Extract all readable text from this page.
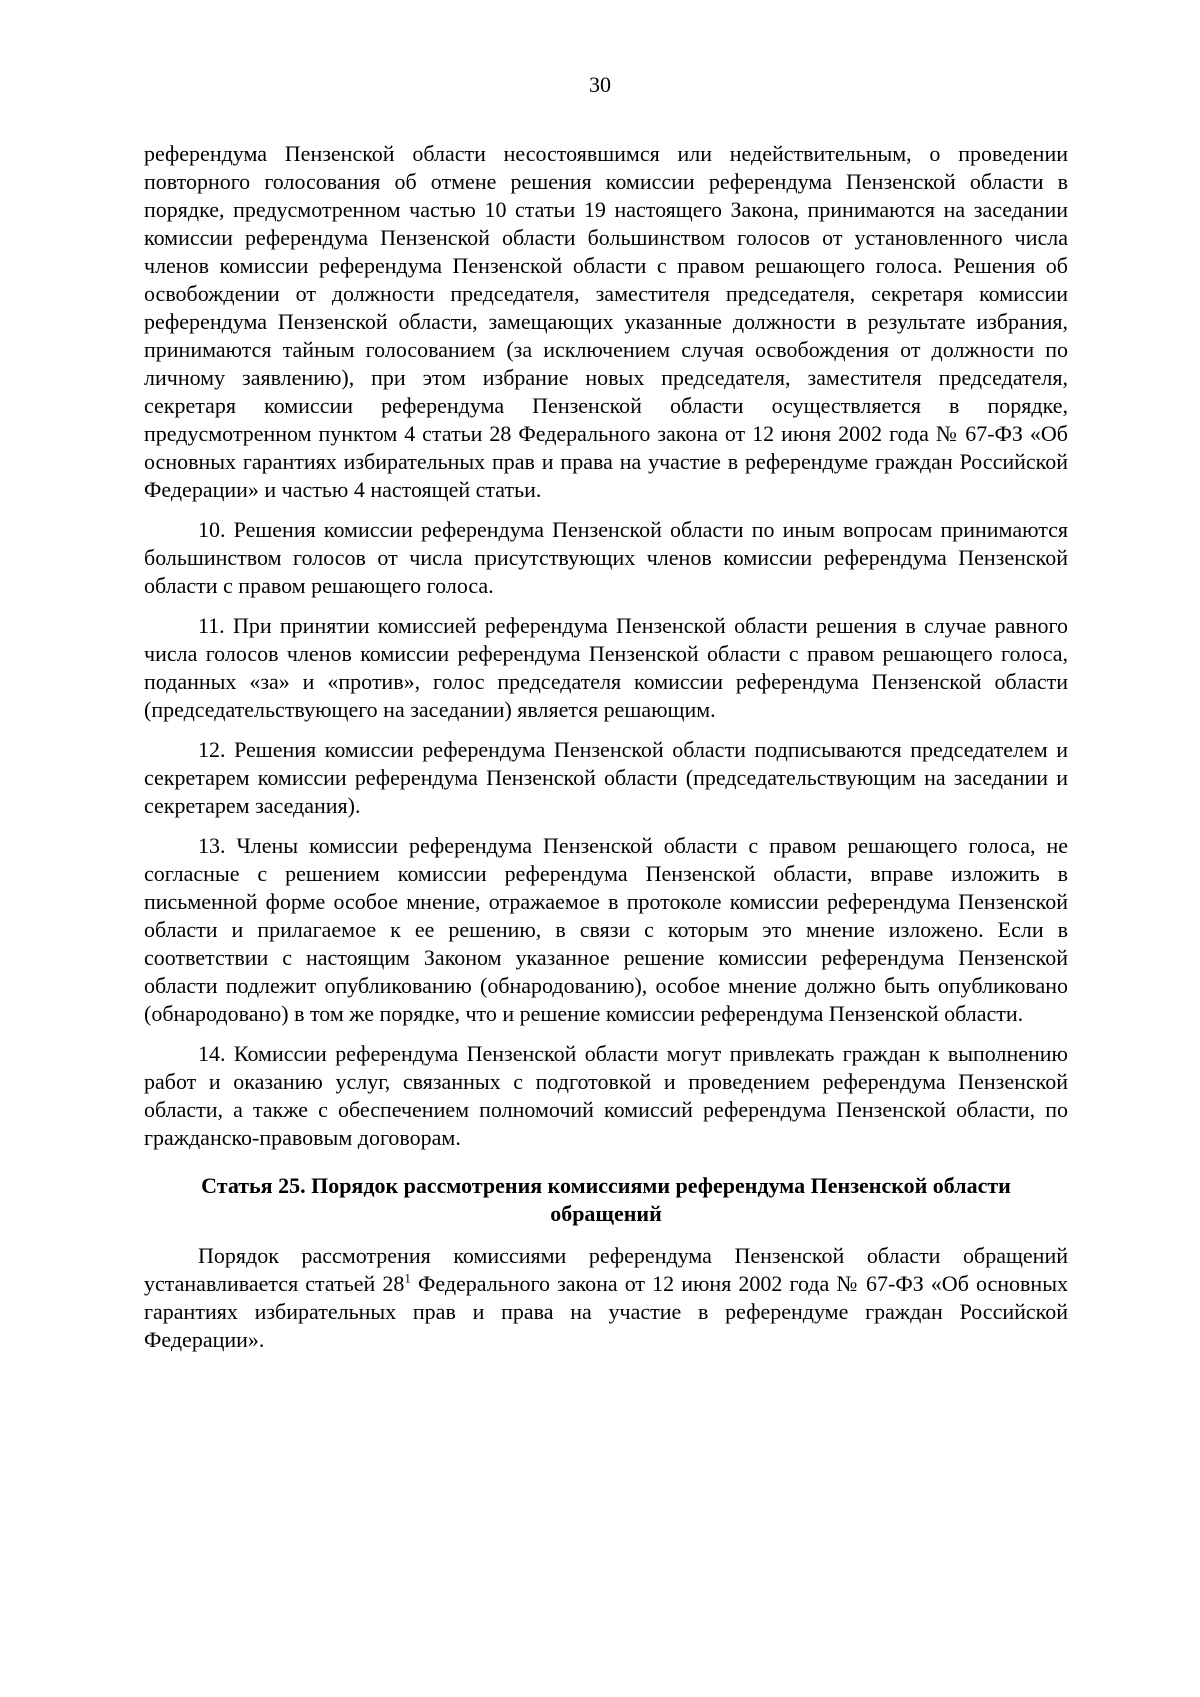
30

референдума Пензенской области несостоявшимся или недействительным, о проведении повторного голосования об отмене решения комиссии референдума Пензенской области в порядке, предусмотренном частью 10 статьи 19 настоящего Закона, принимаются на заседании комиссии референдума Пензенской области большинством голосов от установленного числа членов комиссии референдума Пензенской области с правом решающего голоса. Решения об освобождении от должности председателя, заместителя председателя, секретаря комиссии референдума Пензенской области, замещающих указанные должности в результате избрания, принимаются тайным голосованием (за исключением случая освобождения от должности по личному заявлению), при этом избрание новых председателя, заместителя председателя, секретаря комиссии референдума Пензенской области осуществляется в порядке, предусмотренном пунктом 4 статьи 28 Федерального закона от 12 июня 2002 года № 67-ФЗ «Об основных гарантиях избирательных прав и права на участие в референдуме граждан Российской Федерации» и частью 4 настоящей статьи.

10. Решения комиссии референдума Пензенской области по иным вопросам принимаются большинством голосов от числа присутствующих членов комиссии референдума Пензенской области с правом решающего голоса.

11. При принятии комиссией референдума Пензенской области решения в случае равного числа голосов членов комиссии референдума Пензенской области с правом решающего голоса, поданных «за» и «против», голос председателя комиссии референдума Пензенской области (председательствующего на заседании) является решающим.

12. Решения комиссии референдума Пензенской области подписываются председателем и секретарем комиссии референдума Пензенской области (председательствующим на заседании и секретарем заседания).

13. Члены комиссии референдума Пензенской области с правом решающего голоса, не согласные с решением комиссии референдума Пензенской области, вправе изложить в письменной форме особое мнение, отражаемое в протоколе комиссии референдума Пензенской области и прилагаемое к ее решению, в связи с которым это мнение изложено. Если в соответствии с настоящим Законом указанное решение комиссии референдума Пензенской области подлежит опубликованию (обнародованию), особое мнение должно быть опубликовано (обнародовано) в том же порядке, что и решение комиссии референдума Пензенской области.

14. Комиссии референдума Пензенской области могут привлекать граждан к выполнению работ и оказанию услуг, связанных с подготовкой и проведением референдума Пензенской области, а также с обеспечением полномочий комиссий референдума Пензенской области, по гражданско-правовым договорам.

Статья 25. Порядок рассмотрения комиссиями референдума Пензенской области обращений

Порядок рассмотрения комиссиями референдума Пензенской области обращений устанавливается статьей $28^1$ Федерального закона от 12 июня 2002 года № 67-ФЗ «Об основных гарантиях избирательных прав и права на участие в референдуме граждан Российской Федерации».
